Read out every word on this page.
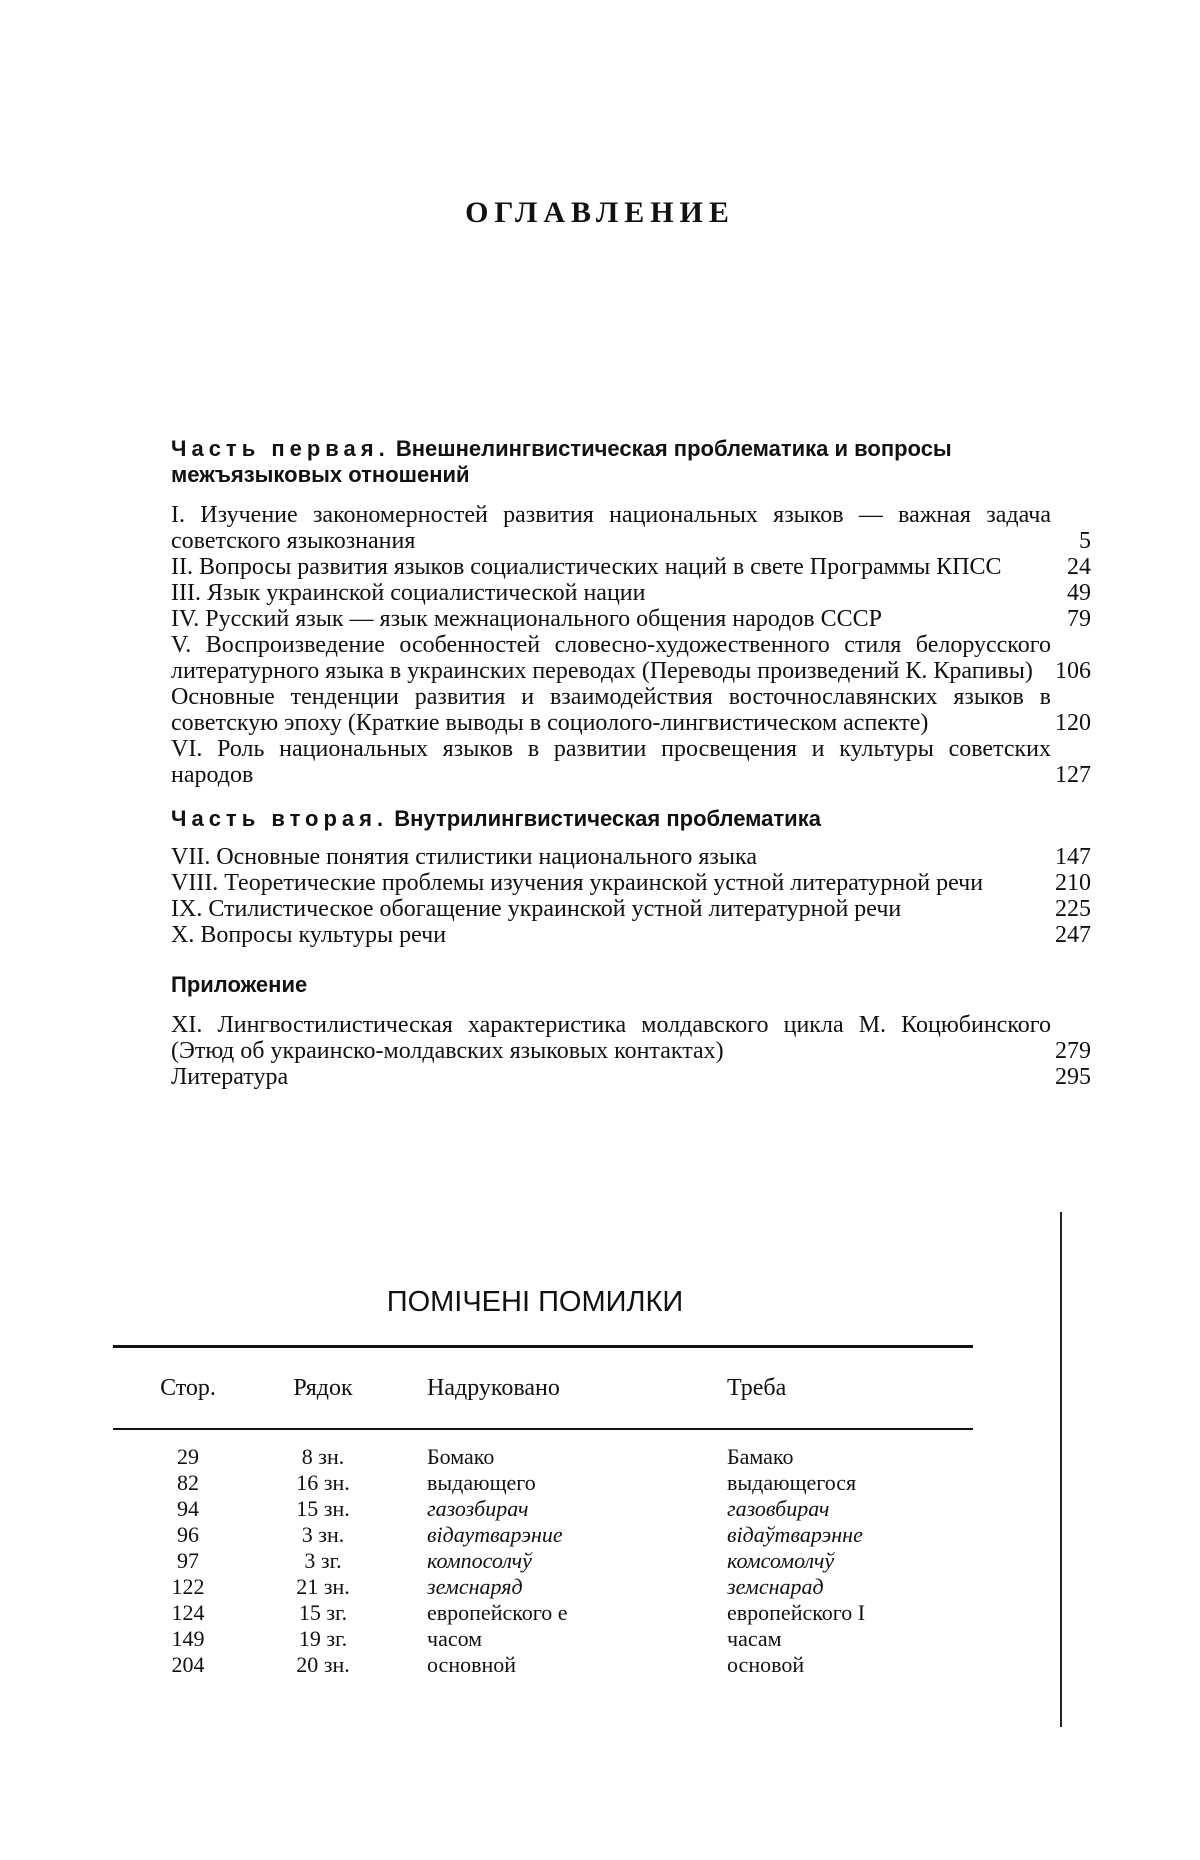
ОГЛАВЛЕНИЕ
Часть первая. Внешнелингвистическая проблематика и вопросы межъязыковых отношений
I. Изучение закономерностей развития национальных языков — важная задача советского языкознания	5
II. Вопросы развития языков социалистических наций в свете Программы КПСС	24
III. Язык украинской социалистической нации	49
IV. Русский язык — язык межнационального общения народов СССР	79
V. Воспроизведение особенностей словесно-художественного стиля белорусского литературного языка в украинских переводах (Переводы произведений К. Крапивы) 106
Основные тенденции развития и взаимодействия восточнославянских языков в советскую эпоху (Краткие выводы в социолого-лингвистическом аспекте)	120
VI. Роль национальных языков в развитии просвещения и культуры советских народов	127
Часть вторая. Внутрилингвистическая проблематика
VII. Основные понятия стилистики национального языка	147
VIII. Теоретические проблемы изучения украинской устной литературной речи	210
IX. Стилистическое обогащение украинской устной литературной речи	225
X. Вопросы культуры речи	247
Приложение
XI. Лингвостилистическая характеристика молдавского цикла М. Коцюбинского (Этюд об украинско-молдавских языковых контактах)	279
Литература	295
ПОМІЧЕНІ ПОМИЛКИ
Стор.	Рядок	Надруковано	Треба
29	8 зн.	Бомако	Бамако
82	16 зн.	выдающего	выдающегося
94	15 зн.	газозбирач	газовбирач
96	3 зн.	відаутварэние	відаўтварэнне
97	3 зг.	компосолчў	комсомолчў
122	21 зн.	земснаряд	земснарад
124	15 зг.	европейского е	европейского I
149	19 зг.	часом	часам
204	20 зн.	основной	основой
